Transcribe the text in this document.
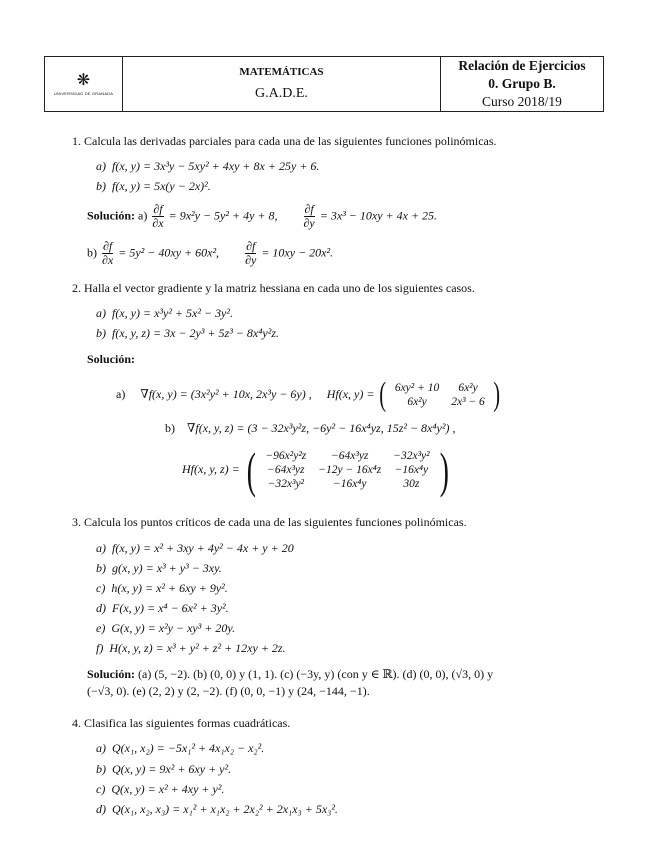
❋
UNIVERSIDAD DE GRANADA
MATEMÁTICAS
G.A.D.E.
Relación de Ejercicios
0. Grupo B.
Curso 2018/19
1. Calcula las derivadas parciales para cada una de las siguientes funciones polinómicas.
a) f(x, y) = 3x³y − 5xy² + 4xy + 8x + 25y + 6.
b) f(x, y) = 5x(y − 2x)².
Solución: $a) \frac{\partial f}{\partial x} = 9x^2y - 5y^2 + 4y + 8$, $\frac{\partial f}{\partial y} = 3x^3 - 10xy + 4x + 25$.
$b) \frac{\partial f}{\partial x} = 5y^2 - 40xy + 60x^2$, $\frac{\partial f}{\partial y} = 10xy - 20x^2$.
2. Halla el vector gradiente y la matriz hessiana en cada uno de los siguientes casos.
a) f(x, y) = x³y² + 5x² − 3y².
b) f(x, y, z) = 3x − 2y³ + 5z³ − 8x⁴y²z.
Solución:
a) ∇f(x, y) = (3x²y² + 10x, 2x³y − 6y) , Hf(x, y) = ( 6xy² + 10	6x²y
6x²y	2x³ − 6 )
b) ∇f(x, y, z) = (3 − 32x³y²z, −6y² − 16x⁴yz, 15z² − 8x⁴y²) ,
Hf(x, y, z) = ( −96x²y²z	−64x³yz	−32x³y²
−64x³yz	−12y − 16x⁴z	−16x⁴y
−32x³y²	−16x⁴y	30z )
3. Calcula los puntos críticos de cada una de las siguientes funciones polinómicas.
a) f(x, y) = x² + 3xy + 4y² − 4x + y + 20
b) g(x, y) = x³ + y³ − 3xy.
c) h(x, y) = x² + 6xy + 9y².
d) F(x, y) = x⁴ − 6x² + 3y².
e) G(x, y) = x²y − xy³ + 20y.
f) H(x, y, z) = x³ + y² + z² + 12xy + 2z.
Solución: (a) (5, −2). (b) (0, 0) y (1, 1). (c) (−3y, y) (con y ∈ ℝ). (d) (0, 0), (√3, 0) y
(−√3, 0). (e) (2, 2) y (2, −2). (f) (0, 0, −1) y (24, −144, −1).
4. Clasifica las siguientes formas cuadráticas.
a) Q(x₁, x₂) = −5x₁² + 4x₁x₂ − x₂².
b) Q(x, y) = 9x² + 6xy + y².
c) Q(x, y) = x² + 4xy + y².
d) Q(x₁, x₂, x₃) = x₁² + x₁x₂ + 2x₂² + 2x₁x₃ + 5x₃².
